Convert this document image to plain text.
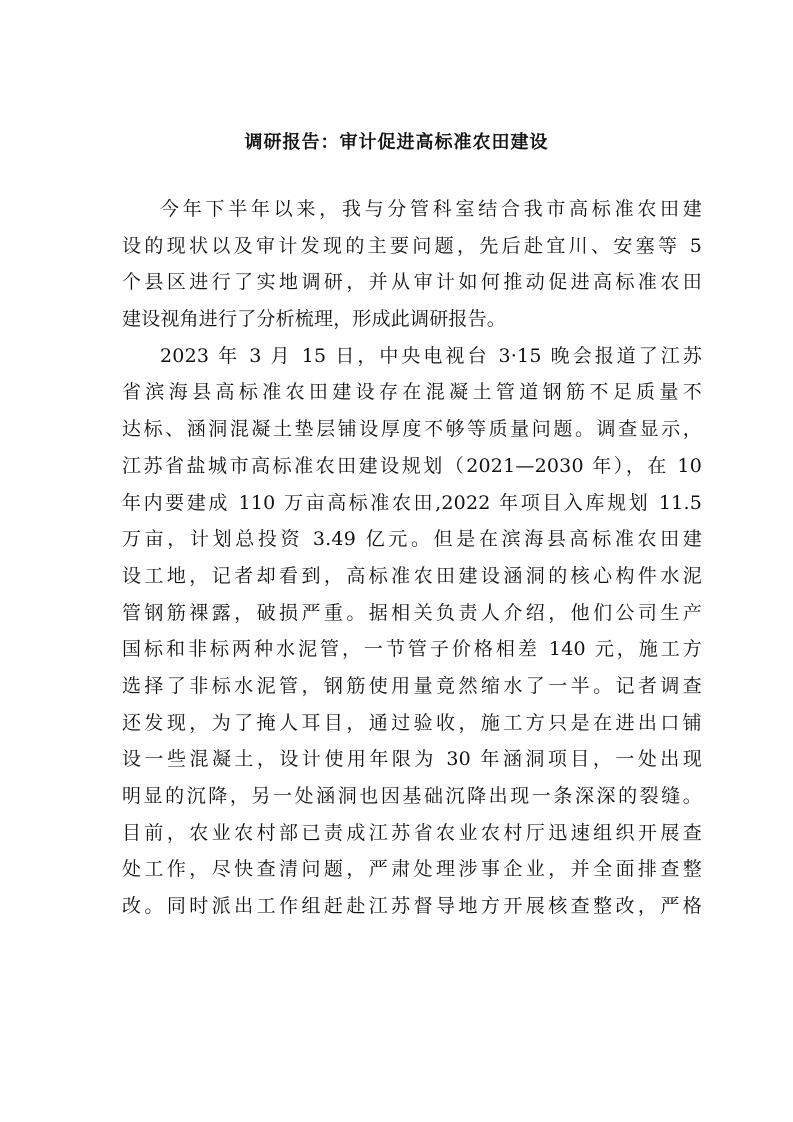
调研报告：审计促进高标准农田建设
今年下半年以来，我与分管科室结合我市高标准农田建
设的现状以及审计发现的主要问题，先后赴宜川、安塞等 5
个县区进行了实地调研，并从审计如何推动促进高标准农田
建设视角进行了分析梳理，形成此调研报告。
2023 年 3 月 15 日，中央电视台 3·15 晚会报道了江苏
省滨海县高标准农田建设存在混凝土管道钢筋不足质量不
达标、涵洞混凝土垫层铺设厚度不够等质量问题。调查显示，
江苏省盐城市高标准农田建设规划（2021—2030 年），在 10
年内要建成 110 万亩高标准农田,2022 年项目入库规划 11.5
万亩，计划总投资 3.49 亿元。但是在滨海县高标准农田建
设工地，记者却看到，高标准农田建设涵洞的核心构件水泥
管钢筋裸露，破损严重。据相关负责人介绍，他们公司生产
国标和非标两种水泥管，一节管子价格相差 140 元，施工方
选择了非标水泥管，钢筋使用量竟然缩水了一半。记者调查
还发现，为了掩人耳目，通过验收，施工方只是在进出口铺
设一些混凝土，设计使用年限为 30 年涵洞项目，一处出现
明显的沉降，另一处涵洞也因基础沉降出现一条深深的裂缝。
目前，农业农村部已责成江苏省农业农村厅迅速组织开展查
处工作，尽快查清问题，严肃处理涉事企业，并全面排查整
改。同时派出工作组赶赴江苏督导地方开展核查整改，严格
